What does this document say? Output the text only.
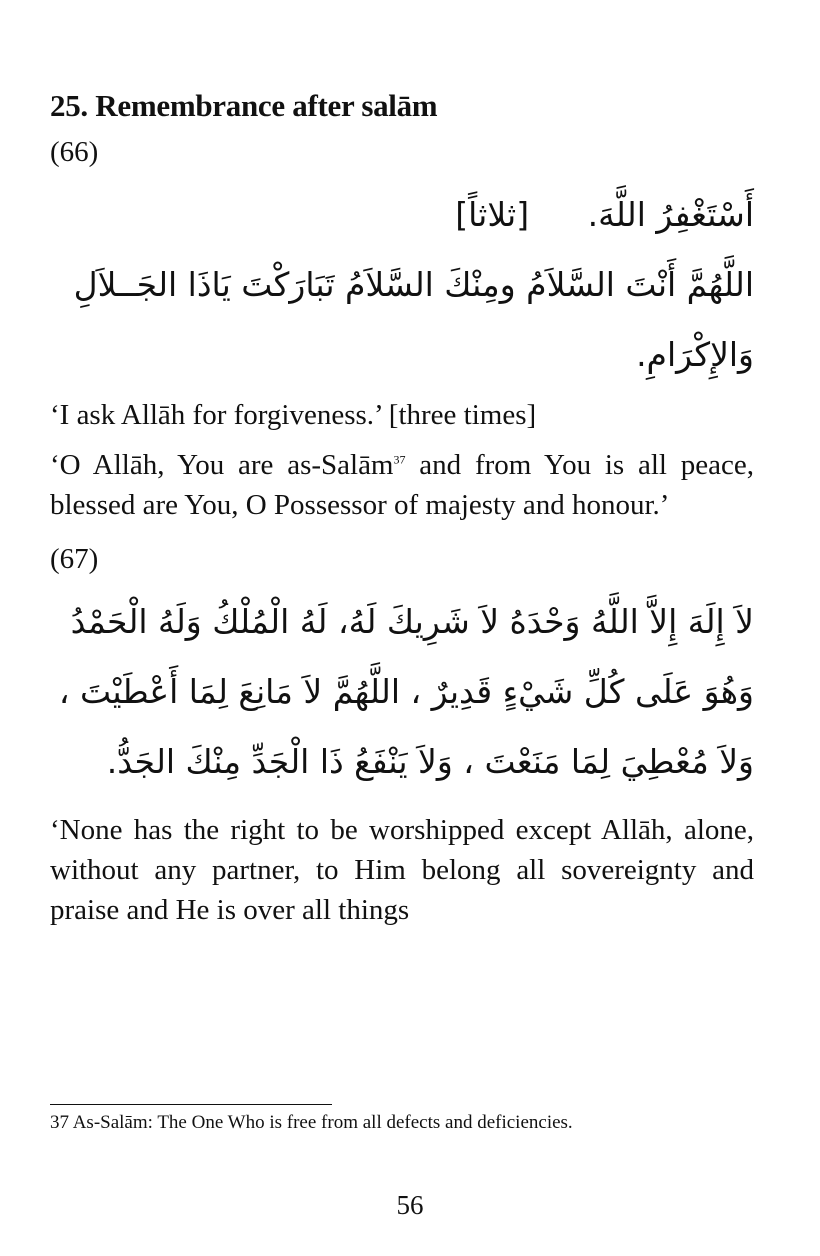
25. Remembrance after salām

(66)

أَسْتَغْفِرُ اللَّهَ. [ثلاثاً]

اللَّهُمَّ أَنْتَ السَّلاَمُ ومِنْكَ السَّلاَمُ تَبَارَكْتَ يَاذَا الجَــلاَلِ

وَالإِكْرَامِ.

‘I ask Allāh for forgiveness.’ [three times]

‘O Allāh, You are as-Salām$^{37}$ and from You is all peace, blessed are You, O Possessor of majesty and honour.’

(67)

لاَ إِلَهَ إِلاَّ اللَّهُ وَحْدَهُ لاَ شَرِيكَ لَهُ، لَهُ الْمُلْكُ وَلَهُ الْحَمْدُ

وَهُوَ عَلَى كُلِّ شَيْءٍ قَدِيرٌ ، اللَّهُمَّ لاَ مَانِعَ لِمَا أَعْطَيْتَ ،

وَلاَ مُعْطِيَ لِمَا مَنَعْتَ ، وَلاَ يَنْفَعُ ذَا الْجَدِّ مِنْكَ الجَدُّ.

‘None has the right to be worshipped except Allāh, alone, without any partner, to Him belong all sovereignty and praise and He is over all things

37 As-Salām: The One Who is free from all defects and deficiencies.
56
